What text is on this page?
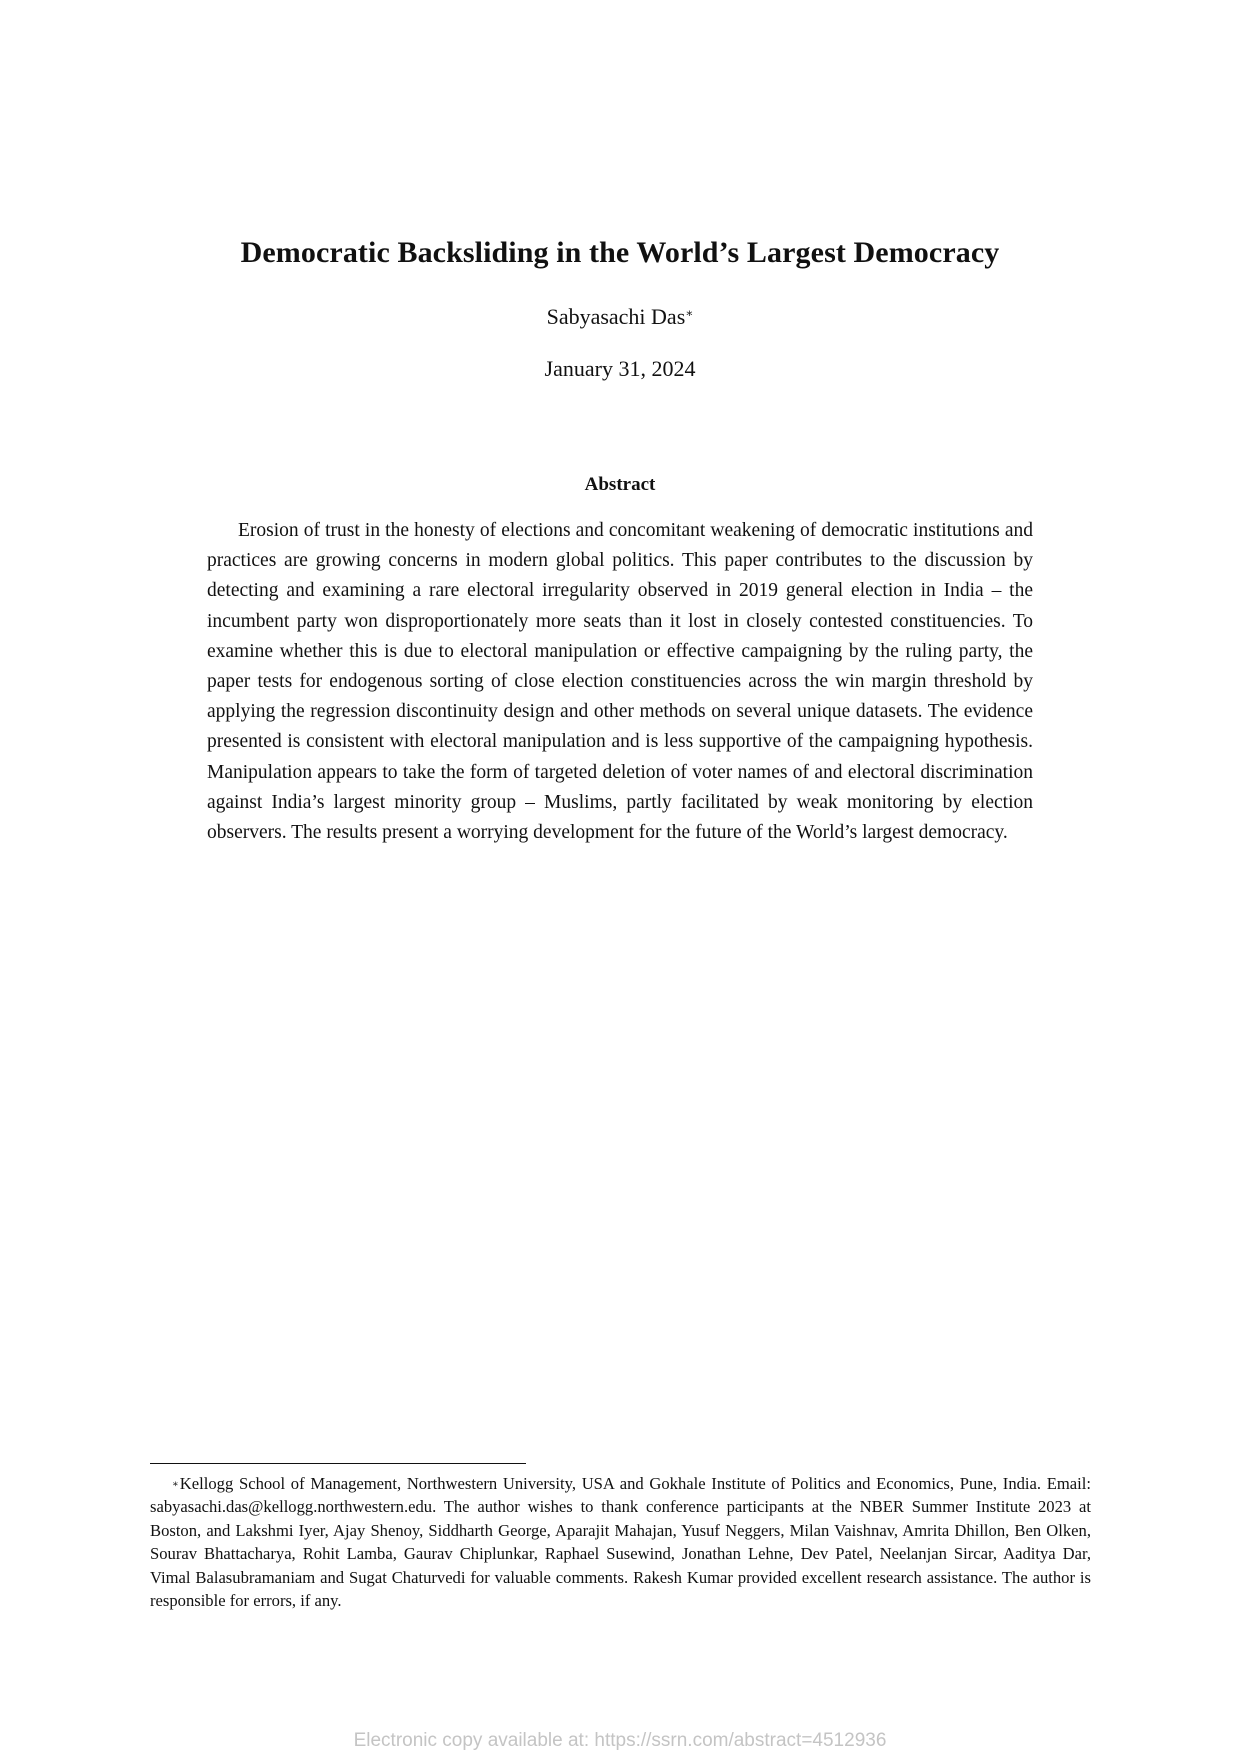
Democratic Backsliding in the World’s Largest Democracy
Sabyasachi Das∗
January 31, 2024
Abstract

Erosion of trust in the honesty of elections and concomitant weakening of democratic institutions and practices are growing concerns in modern global politics. This paper contributes to the discussion by detecting and examining a rare electoral irregularity observed in 2019 general election in India – the incumbent party won disproportionately more seats than it lost in closely contested constituencies. To examine whether this is due to electoral manipulation or effective campaigning by the ruling party, the paper tests for endogenous sorting of close election constituencies across the win margin threshold by applying the regression discontinuity design and other methods on several unique datasets. The evidence presented is consistent with electoral manipulation and is less supportive of the campaigning hypothesis. Manipulation appears to take the form of targeted deletion of voter names of and electoral discrimination against India’s largest minority group – Muslims, partly facilitated by weak monitoring by election observers. The results present a worrying development for the future of the World’s largest democracy.

∗Kellogg School of Management, Northwestern University, USA and Gokhale Institute of Politics and Economics, Pune, India. Email: sabyasachi.das@kellogg.northwestern.edu. The author wishes to thank conference participants at the NBER Summer Institute 2023 at Boston, and Lakshmi Iyer, Ajay Shenoy, Siddharth George, Aparajit Mahajan, Yusuf Neggers, Milan Vaishnav, Amrita Dhillon, Ben Olken, Sourav Bhattacharya, Rohit Lamba, Gaurav Chiplunkar, Raphael Susewind, Jonathan Lehne, Dev Patel, Neelanjan Sircar, Aaditya Dar, Vimal Balasubramaniam and Sugat Chaturvedi for valuable comments. Rakesh Kumar provided excellent research assistance. The author is responsible for errors, if any.

Electronic copy available at: https://ssrn.com/abstract=4512936
